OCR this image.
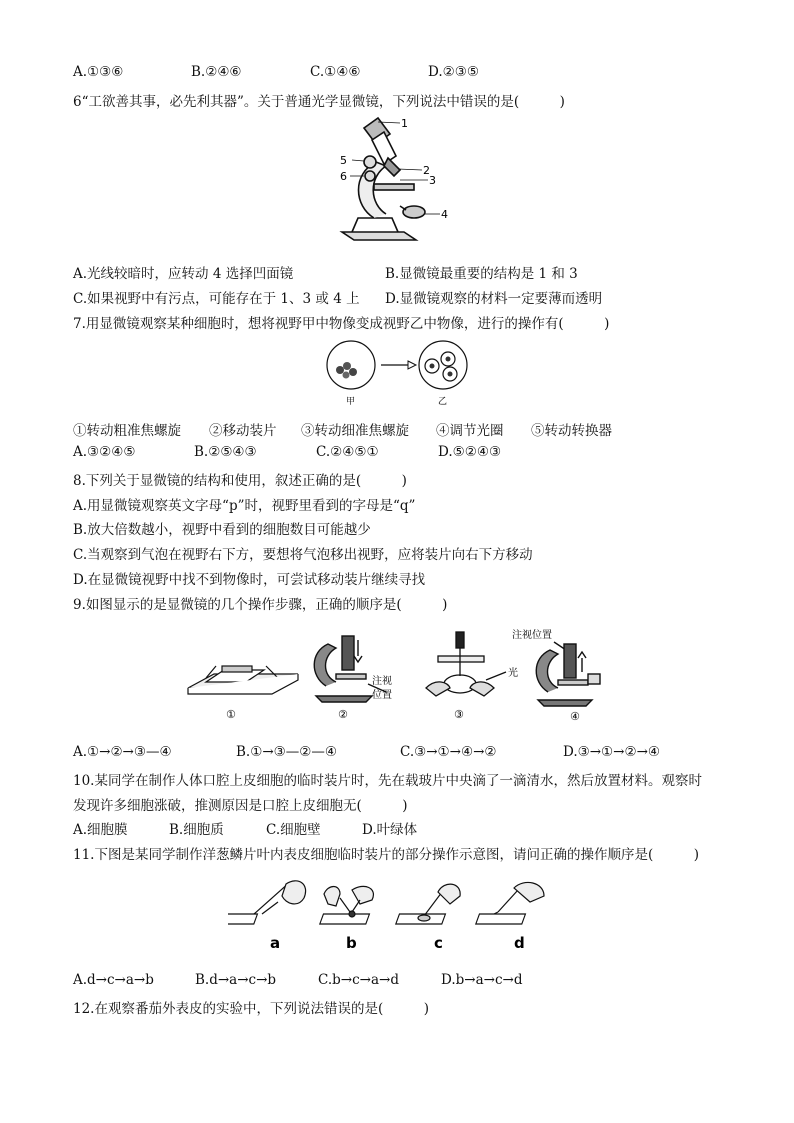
A.①③⑥	B.②④⑥	C.①④⑥	D.②③⑤
6“工欲善其事，必先利其器”。关于普通光学显微镜，下列说法中错误的是(　　　)
1
2
3
4
5
6
A.光线较暗时，应转动 4 选择凹面镜	B.显微镜最重要的结构是 1 和 3
C.如果视野中有污点，可能存在于 1、3 或 4 上 D.显微镜观察的材料一定要薄而透明
7.用显微镜观察某种细胞时，想将视野甲中物像变成视野乙中物像，进行的操作有(　　　)
甲	乙
①转动粗准焦螺旋 ②移动装片 ③转动细准焦螺旋 ④调节光圈 ⑤转动转换器
A.③②④⑤	B.②⑤④③	C.②④⑤①	D.⑤②④③
8.下列关于显微镜的结构和使用，叙述正确的是(　　　)
A.用显微镜观察英文字母“p”时，视野里看到的字母是“q”
B.放大倍数越小，视野中看到的细胞数目可能越少
C.当观察到气泡在视野右下方，要想将气泡移出视野，应将装片向右下方移动
D.在显微镜视野中找不到物像时，可尝试移动装片继续寻找
9.如图显示的是显微镜的几个操作步骤，正确的顺序是(　　　)
①
注视
位置
②
光
③
注视位置
④
A.①→②→③—④	B.①→③—②—④	C.③→①→④→②	D.③→①→②→④
10.某同学在制作人体口腔上皮细胞的临时装片时，先在载玻片中央滴了一滴清水，然后放置材料。观察时
发现许多细胞涨破，推测原因是口腔上皮细胞无(　　　)
A.细胞膜	B.细胞质	C.细胞壁	D.叶绿体
11.下图是某同学制作洋葱鳞片叶内表皮细胞临时装片的部分操作示意图，请问正确的操作顺序是(　　　)
a	b	c	d
A.d→c→a→b	B.d→a→c→b	C.b→c→a→d	D.b→a→c→d
12.在观察番茄外表皮的实验中，下列说法错误的是(　　　)
